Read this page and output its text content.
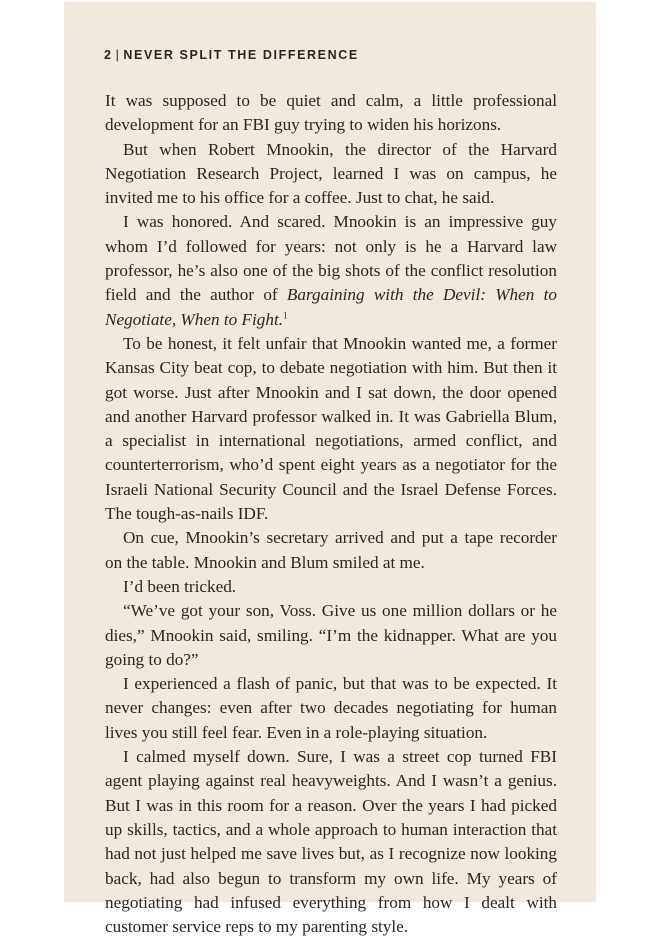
2 | NEVER SPLIT THE DIFFERENCE

It was supposed to be quiet and calm, a little professional development for an FBI guy trying to widen his horizons.

But when Robert Mnookin, the director of the Harvard Negotiation Research Project, learned I was on campus, he invited me to his office for a coffee. Just to chat, he said.

I was honored. And scared. Mnookin is an impressive guy whom I’d followed for years: not only is he a Harvard law professor, he’s also one of the big shots of the conflict resolution field and the author of Bargaining with the Devil: When to Negotiate, When to Fight.$^1$

To be honest, it felt unfair that Mnookin wanted me, a former Kansas City beat cop, to debate negotiation with him. But then it got worse. Just after Mnookin and I sat down, the door opened and another Harvard professor walked in. It was Gabriella Blum, a specialist in international negotiations, armed conflict, and counterterrorism, who’d spent eight years as a negotiator for the Israeli National Security Council and the Israel Defense Forces. The tough-as-nails IDF.

On cue, Mnookin’s secretary arrived and put a tape recorder on the table. Mnookin and Blum smiled at me.

I’d been tricked.

“We’ve got your son, Voss. Give us one million dollars or he dies,” Mnookin said, smiling. “I’m the kidnapper. What are you going to do?”

I experienced a flash of panic, but that was to be expected. It never changes: even after two decades negotiating for human lives you still feel fear. Even in a role-playing situation.

I calmed myself down. Sure, I was a street cop turned FBI agent playing against real heavyweights. And I wasn’t a genius. But I was in this room for a reason. Over the years I had picked up skills, tactics, and a whole approach to human interaction that had not just helped me save lives but, as I recognize now looking back, had also begun to transform my own life. My years of negotiating had infused everything from how I dealt with customer service reps to my parenting style.
